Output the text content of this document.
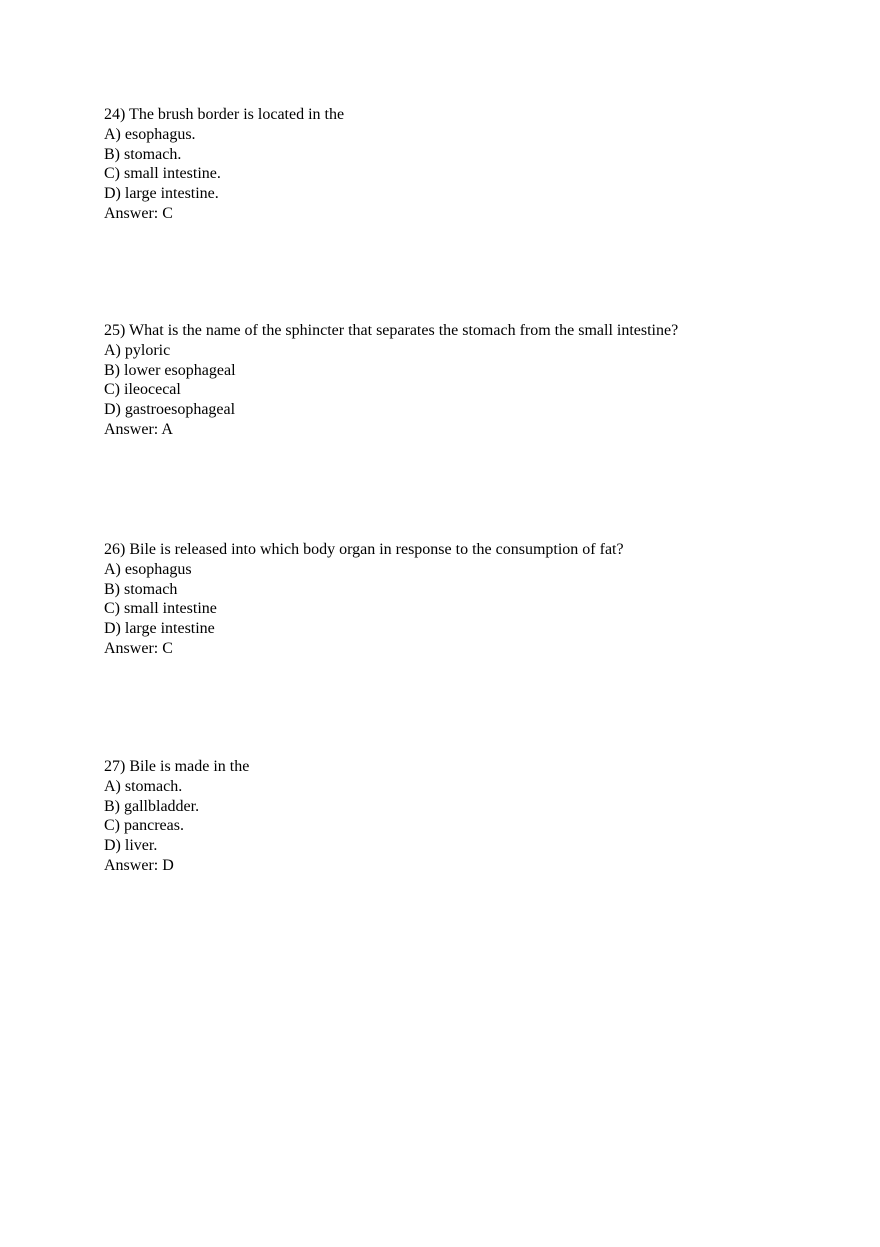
24) The brush border is located in the
A) esophagus.
B) stomach.
C) small intestine.
D) large intestine.
Answer: C
25) What is the name of the sphincter that separates the stomach from the small intestine?
A) pyloric
B) lower esophageal
C) ileocecal
D) gastroesophageal
Answer: A
26) Bile is released into which body organ in response to the consumption of fat?
A) esophagus
B) stomach
C) small intestine
D) large intestine
Answer: C
27) Bile is made in the
A) stomach.
B) gallbladder.
C) pancreas.
D) liver.
Answer: D
